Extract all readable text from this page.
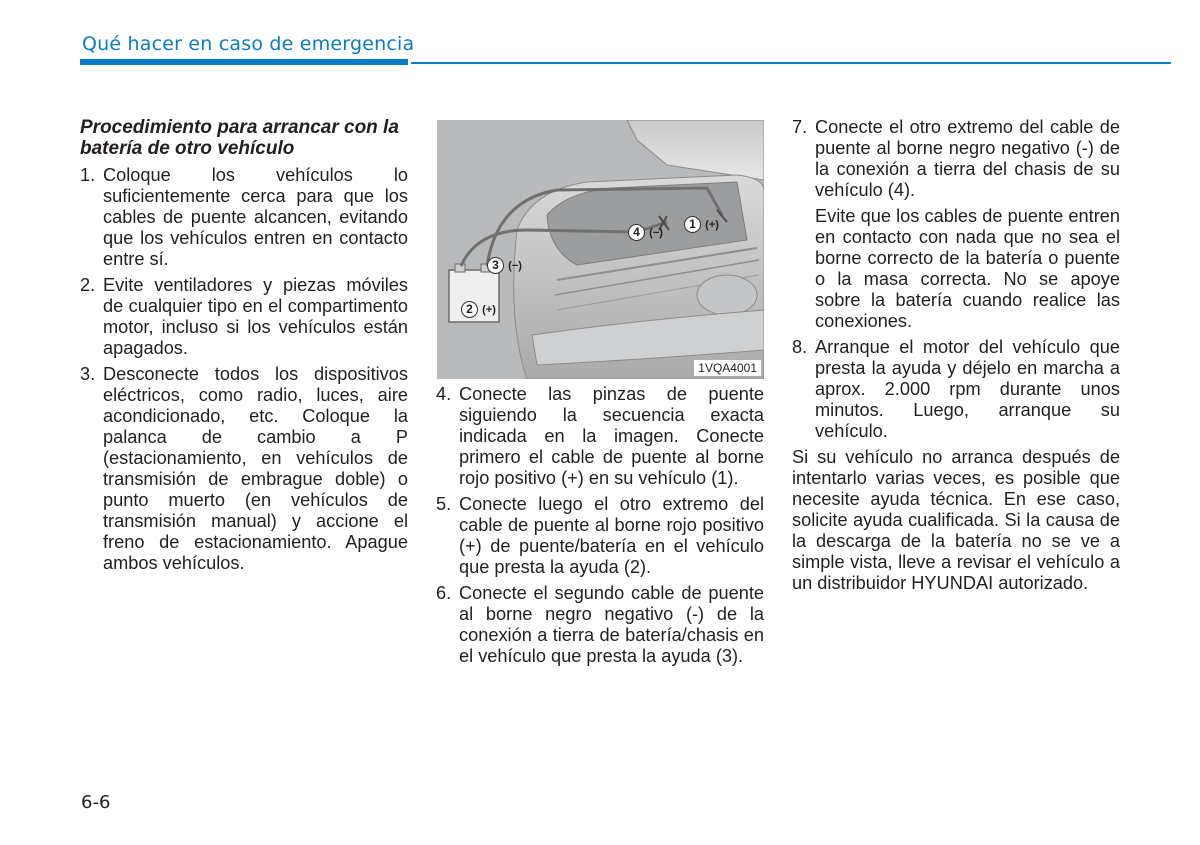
Qué hacer en caso de emergencia

Procedimiento para arrancar con la batería de otro vehículo

1. Coloque los vehículos lo suficientemente cerca para que los cables de puente alcancen, evitando que los vehículos entren en contacto entre sí.
2. Evite ventiladores y piezas móviles de cualquier tipo en el compartimento motor, incluso si los vehículos están apagados.
3. Desconecte todos los dispositivos eléctricos, como radio, luces, aire acondicionado, etc. Coloque la palanca de cambio a P (estacionamiento, en vehículos de transmisión de embrague doble) o punto muerto (en vehículos de transmisión manual) y accione el freno de estacionamiento. Apague ambos vehículos.
1 (+)
2 (+)
3 (−)
4 (−)
1VQA4001
4. Conecte las pinzas de puente siguiendo la secuencia exacta indicada en la imagen. Conecte primero el cable de puente al borne rojo positivo (+) en su vehículo (1).
5. Conecte luego el otro extremo del cable de puente al borne rojo positivo (+) de puente/batería en el vehículo que presta la ayuda (2).
6. Conecte el segundo cable de puente al borne negro negativo (-) de la conexión a tierra de batería/chasis en el vehículo que presta la ayuda (3).
7. Conecte el otro extremo del cable de puente al borne negro negativo (-) de la conexión a tierra del chasis de su vehículo (4).

Evite que los cables de puente entren en contacto con nada que no sea el borne correcto de la batería o puente o la masa correcta. No se apoye sobre la batería cuando realice las conexiones.

8. Arranque el motor del vehículo que presta la ayuda y déjelo en marcha a aprox. 2.000 rpm durante unos minutos. Luego, arranque su vehículo.

Si su vehículo no arranca después de intentarlo varias veces, es posible que necesite ayuda técnica. En ese caso, solicite ayuda cualificada. Si la causa de la descarga de la batería no se ve a simple vista, lleve a revisar el vehículo a un distribuidor HYUNDAI autorizado.

6-6
